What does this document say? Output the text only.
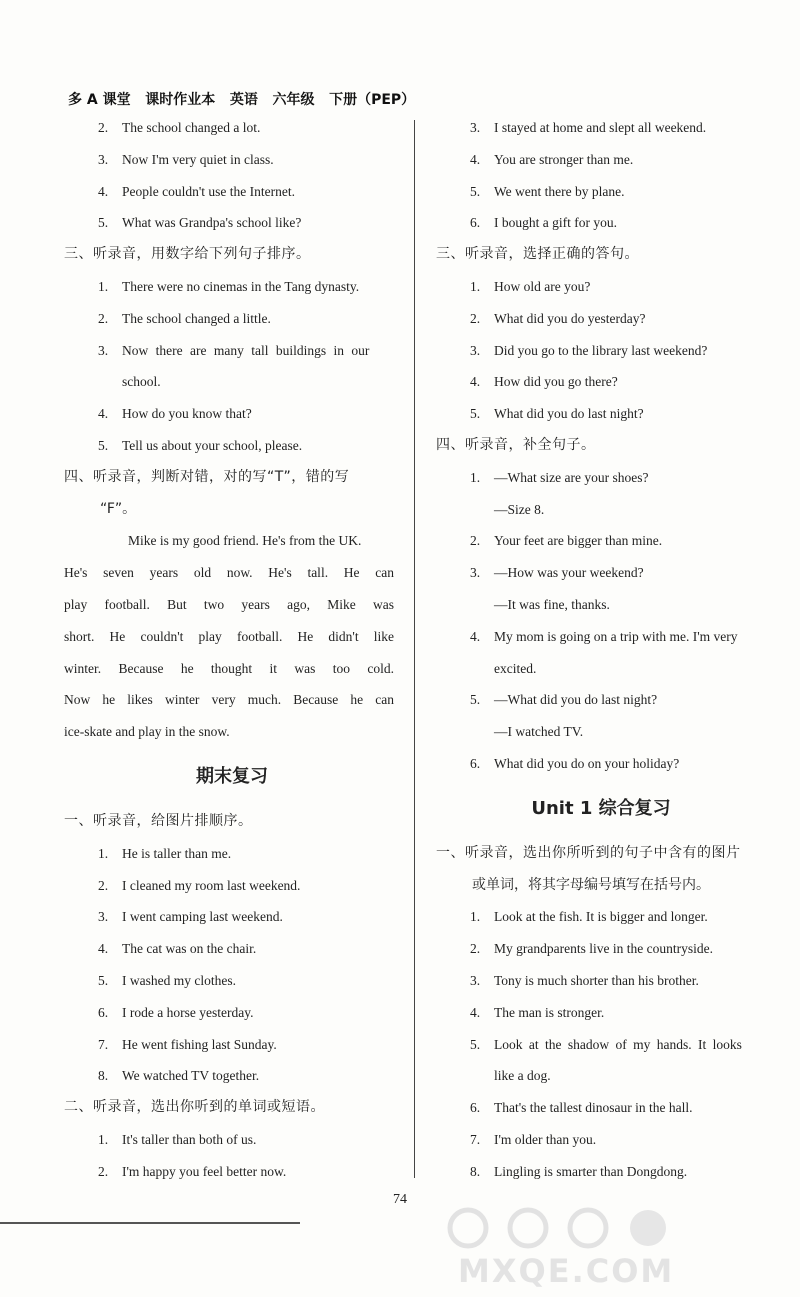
多 A 课堂   课时作业本   英语   六年级   下册（PEP）
2. The school changed a lot.
3. Now I'm very quiet in class.
4. People couldn't use the Internet.
5. What was Grandpa's school like?
三、听录音，用数字给下列句子排序。
1. There were no cinemas in the Tang dynasty.
2. The school changed a little.
3. Now there are many tall buildings in our
school.
4. How do you know that?
5. Tell us about your school, please.
四、听录音，判断对错，对的写“T”，错的写
“F”。
Mike is my good friend. He's from the UK.
He's seven years old now. He's tall. He can
play football. But two years ago, Mike was
short. He couldn't play football. He didn't like
winter. Because he thought it was too cold.
Now he likes winter very much. Because he can
ice-skate and play in the snow.
期末复习
一、听录音，给图片排顺序。
1. He is taller than me.
2. I cleaned my room last weekend.
3. I went camping last weekend.
4. The cat was on the chair.
5. I washed my clothes.
6. I rode a horse yesterday.
7. He went fishing last Sunday.
8. We watched TV together.
二、听录音，选出你听到的单词或短语。
1. It's taller than both of us.
2. I'm happy you feel better now.
3. I stayed at home and slept all weekend.
4. You are stronger than me.
5. We went there by plane.
6. I bought a gift for you.
三、听录音，选择正确的答句。
1. How old are you?
2. What did you do yesterday?
3. Did you go to the library last weekend?
4. How did you go there?
5. What did you do last night?
四、听录音，补全句子。
1. —What size are your shoes?
—Size 8.
2. Your feet are bigger than mine.
3. —How was your weekend?
—It was fine, thanks.
4. My mom is going on a trip with me. I'm very
excited.
5. —What did you do last night?
—I watched TV.
6. What did you do on your holiday?
Unit 1 综合复习
一、听录音，选出你所听到的句子中含有的图片
或单词，将其字母编号填写在括号内。
1. Look at the fish. It is bigger and longer.
2. My grandparents live in the countryside.
3. Tony is much shorter than his brother.
4. The man is stronger.
5. Look at the shadow of my hands. It looks
like a dog.
6. That's the tallest dinosaur in the hall.
7. I'm older than you.
8. Lingling is smarter than Dongdong.
74
MXQE.COM
